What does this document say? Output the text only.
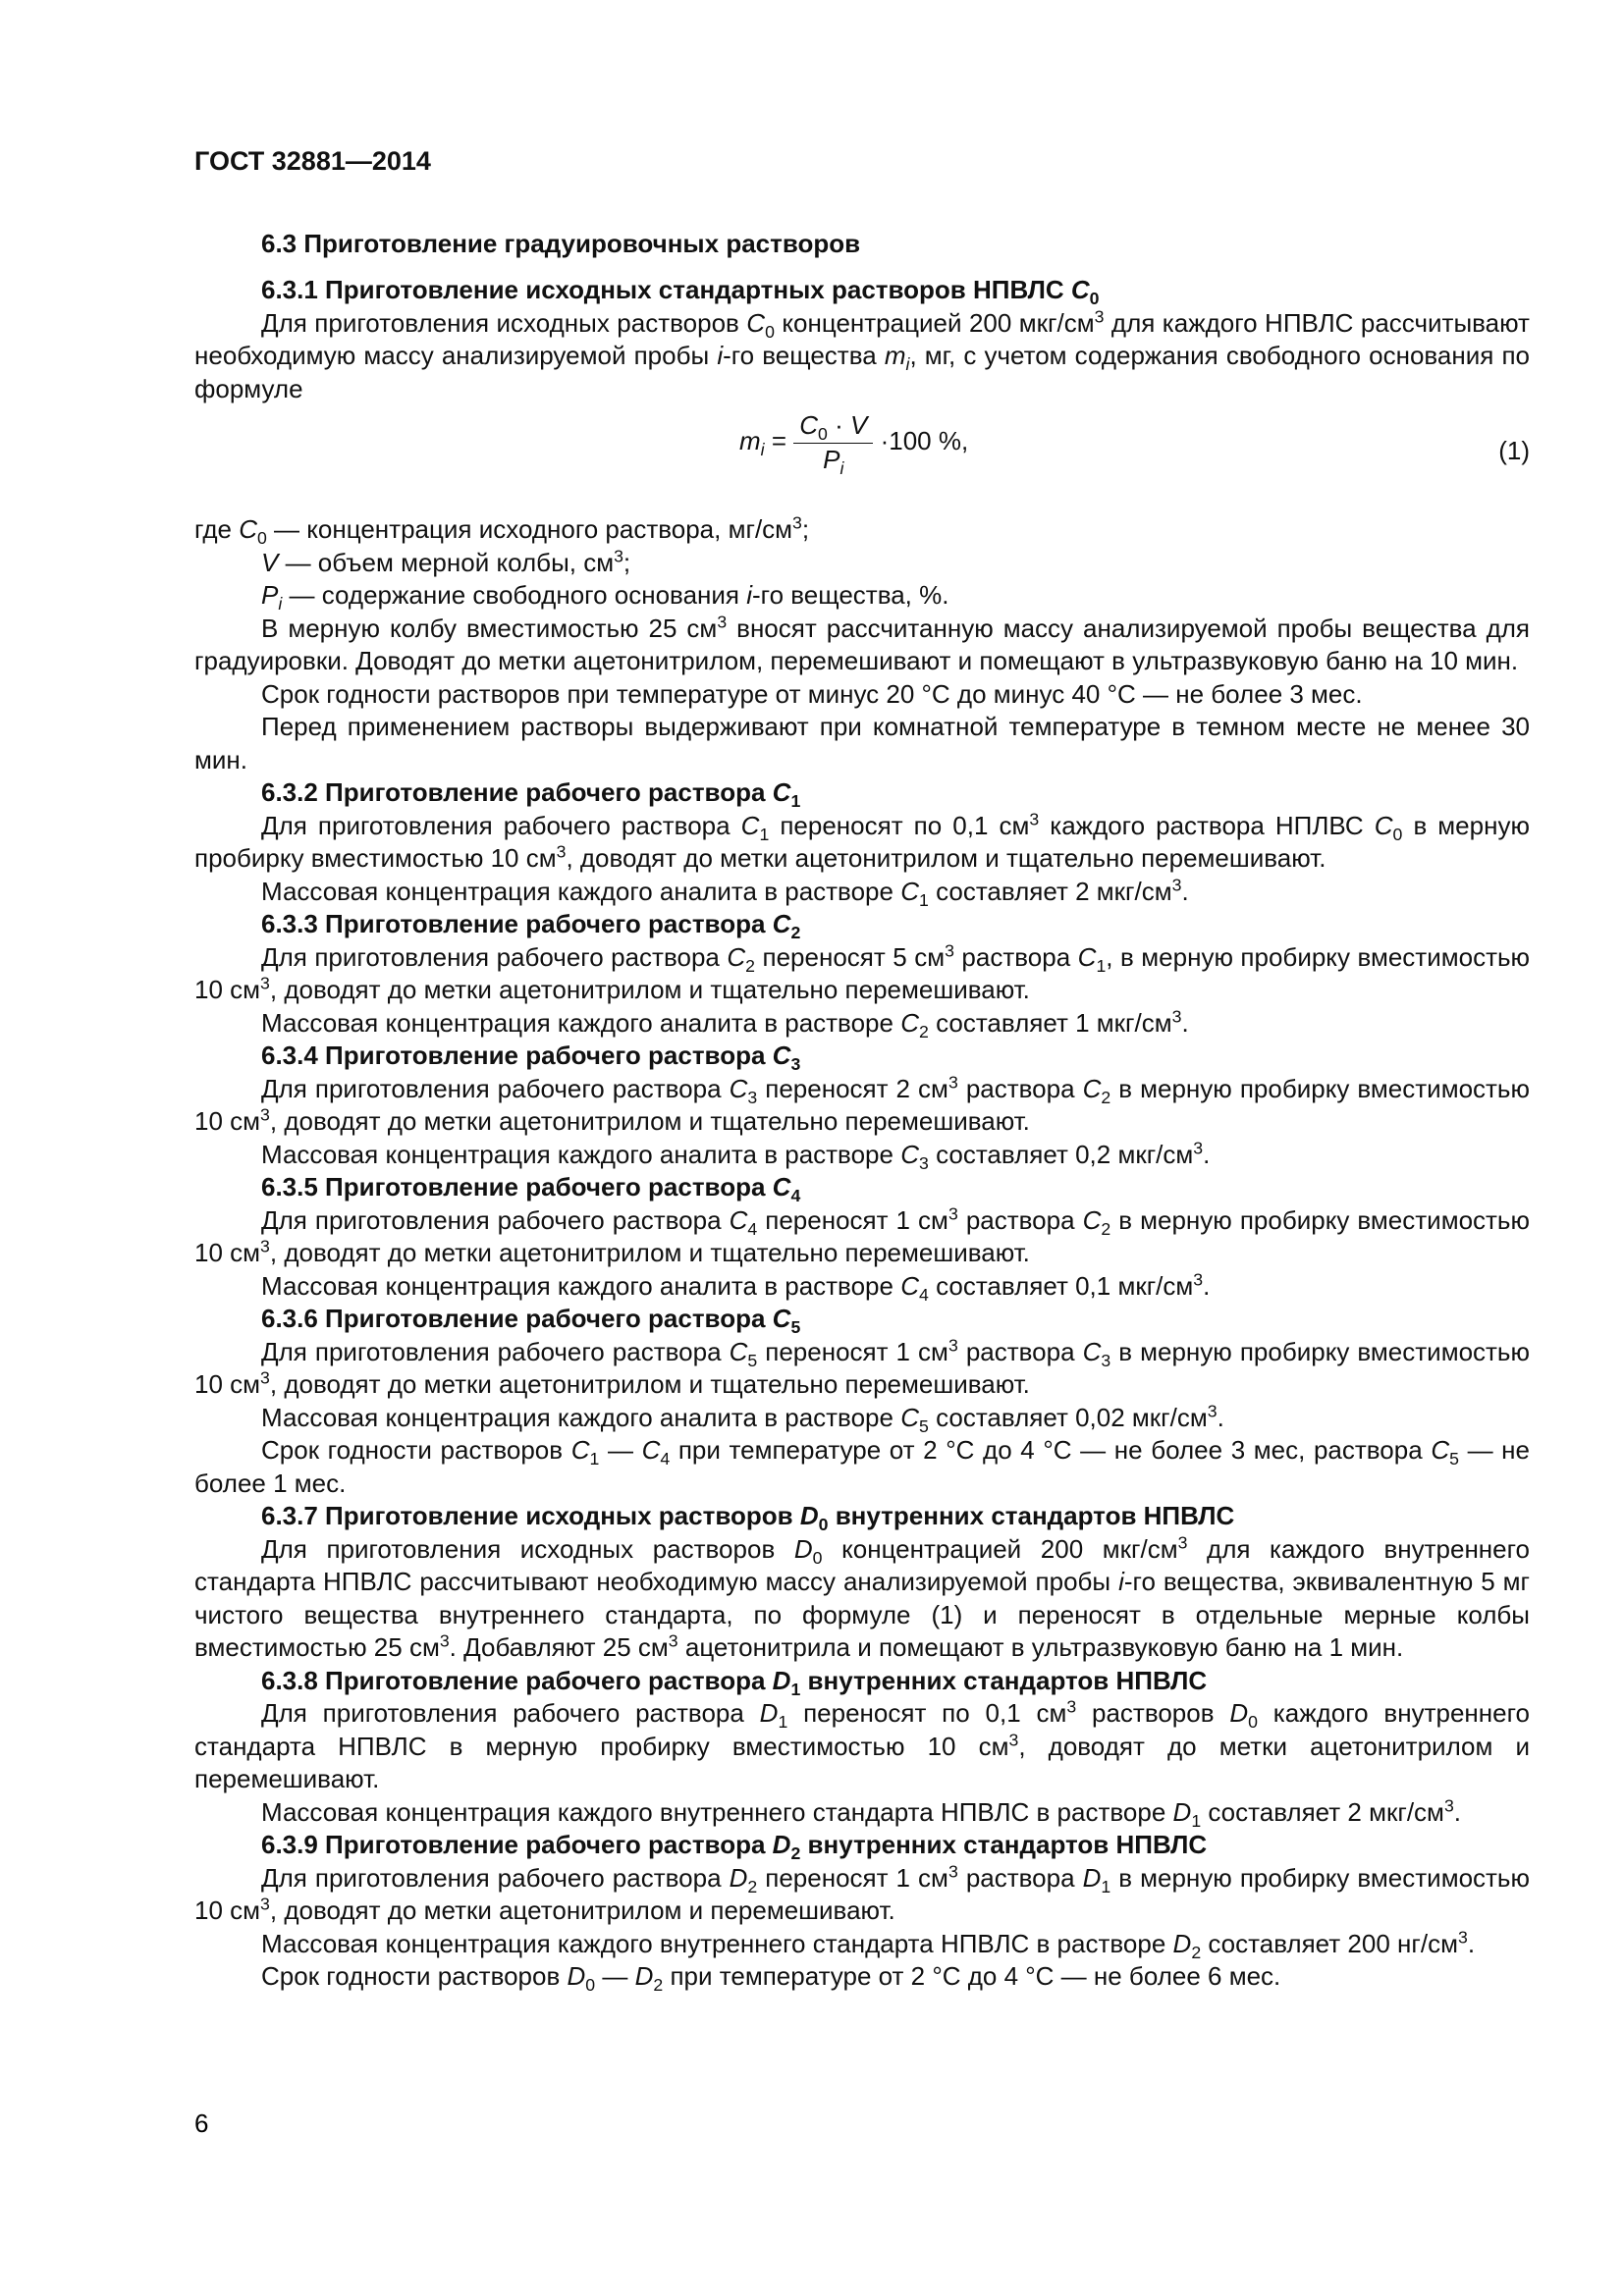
ГОСТ 32881—2014
6.3 Приготовление градуировочных растворов
6.3.1 Приготовление исходных стандартных растворов НПВЛС $C_0$

Для приготовления исходных растворов $C_0$ концентрацией 200 мкг/$см^3$ для каждого НПВЛС рассчитывают необходимую массу анализируемой пробы i-го вещества $m_i$, мг, с учетом содержания свободного основания по формуле

$m_i = \frac{C_0 \cdot V}{P_i} \cdot 100$ %,	(1)

где $C_0$ — концентрация исходного раствора, $мг/см^3$;

V — объем мерной колбы, $см^3$;

$P_i$ — содержание свободного основания i-го вещества, %.

В мерную колбу вместимостью 25 $см^3$ вносят рассчитанную массу анализируемой пробы вещества для градуировки. Доводят до метки ацетонитрилом, перемешивают и помещают в ультразвуковую баню на 10 мин.

Срок годности растворов при температуре от минус 20 °С до минус 40 °С — не более 3 мес.

Перед применением растворы выдерживают при комнатной температуре в темном месте не менее 30 мин.

6.3.2 Приготовление рабочего раствора $C_1$

Для приготовления рабочего раствора $C_1$ переносят по 0,1 $см^3$ каждого раствора НПЛВС $C_0$ в мерную пробирку вместимостью 10 $см^3$, доводят до метки ацетонитрилом и тщательно перемешивают.

Массовая концентрация каждого аналита в растворе $C_1$ составляет 2 мкг/$см^3$.

6.3.3 Приготовление рабочего раствора $C_2$

Для приготовления рабочего раствора $C_2$ переносят 5 $см^3$ раствора $C_1$, в мерную пробирку вместимостью 10 $см^3$, доводят до метки ацетонитрилом и тщательно перемешивают.

Массовая концентрация каждого аналита в растворе $C_2$ составляет 1 мкг/$см^3$.

6.3.4 Приготовление рабочего раствора $C_3$

Для приготовления рабочего раствора $C_3$ переносят 2 $см^3$ раствора $C_2$ в мерную пробирку вместимостью 10 $см^3$, доводят до метки ацетонитрилом и тщательно перемешивают.

Массовая концентрация каждого аналита в растворе $C_3$ составляет 0,2 мкг/$см^3$.

6.3.5 Приготовление рабочего раствора $C_4$

Для приготовления рабочего раствора $C_4$ переносят 1 $см^3$ раствора $C_2$ в мерную пробирку вместимостью 10 $см^3$, доводят до метки ацетонитрилом и тщательно перемешивают.

Массовая концентрация каждого аналита в растворе $C_4$ составляет 0,1 мкг/$см^3$.

6.3.6 Приготовление рабочего раствора $C_5$

Для приготовления рабочего раствора $C_5$ переносят 1 $см^3$ раствора $C_3$ в мерную пробирку вместимостью 10 $см^3$, доводят до метки ацетонитрилом и тщательно перемешивают.

Массовая концентрация каждого аналита в растворе $C_5$ составляет 0,02 мкг/$см^3$.

Срок годности растворов $C_1$ — $C_4$ при температуре от 2 °С до 4 °С — не более 3 мес, раствора $C_5$ — не более 1 мес.

6.3.7 Приготовление исходных растворов $D_0$ внутренних стандартов НПВЛС

Для приготовления исходных растворов $D_0$ концентрацией 200 мкг/$см^3$ для каждого внутреннего стандарта НПВЛС рассчитывают необходимую массу анализируемой пробы i-го вещества, эквивалентную 5 мг чистого вещества внутреннего стандарта, по формуле (1) и переносят в отдельные мерные колбы вместимостью 25 $см^3$. Добавляют 25 $см^3$ ацетонитрила и помещают в ультразвуковую баню на 1 мин.

6.3.8 Приготовление рабочего раствора $D_1$ внутренних стандартов НПВЛС

Для приготовления рабочего раствора $D_1$ переносят по 0,1 $см^3$ растворов $D_0$ каждого внутреннего стандарта НПВЛС в мерную пробирку вместимостью 10 $см^3$, доводят до метки ацетонитрилом и перемешивают.

Массовая концентрация каждого внутреннего стандарта НПВЛС в растворе $D_1$ составляет 2 мкг/$см^3$.

6.3.9 Приготовление рабочего раствора $D_2$ внутренних стандартов НПВЛС

Для приготовления рабочего раствора $D_2$ переносят 1 $см^3$ раствора $D_1$ в мерную пробирку вместимостью 10 $см^3$, доводят до метки ацетонитрилом и перемешивают.

Массовая концентрация каждого внутреннего стандарта НПВЛС в растворе $D_2$ составляет 200 $нг/см^3$.

Срок годности растворов $D_0$ — $D_2$ при температуре от 2 °С до 4 °С — не более 6 мес.

6
